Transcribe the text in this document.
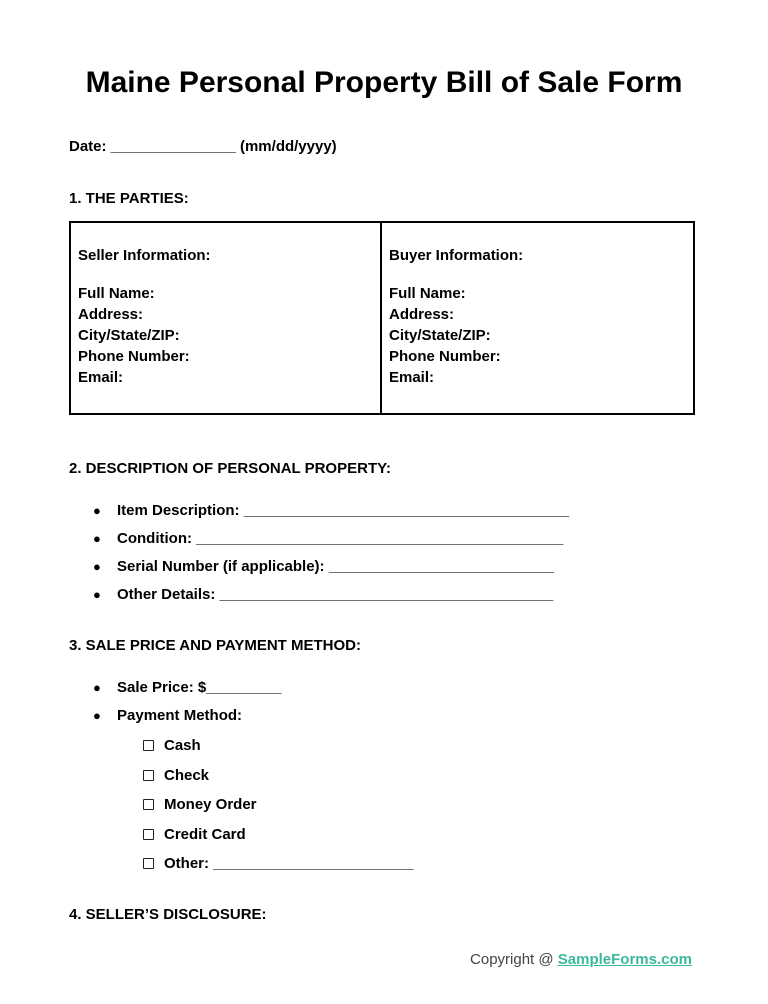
Maine Personal Property Bill of Sale Form

Date: _______________ (mm/dd/yyyy)

1. THE PARTIES:

Seller Information:

Full Name:

Address:

City/State/ZIP:

Phone Number:

Email:

Buyer Information:

Full Name:

Address:

City/State/ZIP:

Phone Number:

Email:

2. DESCRIPTION OF PERSONAL PROPERTY:

● Item Description: _______________________________________
● Condition: ____________________________________________
● Serial Number (if applicable): ___________________________
● Other Details: ________________________________________

3. SALE PRICE AND PAYMENT METHOD:

● Sale Price: $_________
● Payment Method:
Cash
Check
Money Order
Credit Card
Other: ________________________

4. SELLER’S DISCLOSURE:

Copyright @ SampleForms.com
